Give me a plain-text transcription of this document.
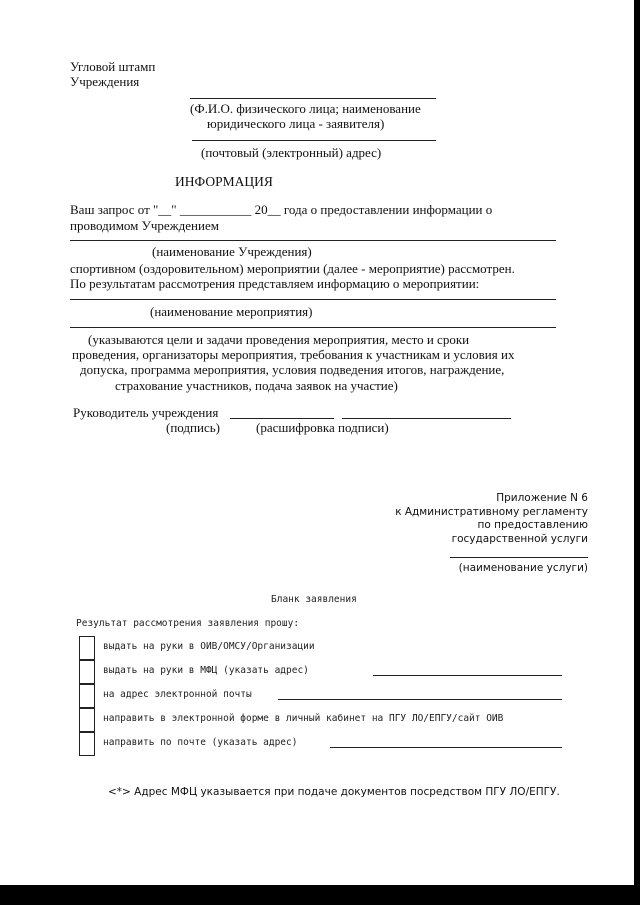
Угловой штамп
Учреждения
(Ф.И.О. физического лица; наименование
юридического лица - заявителя)
(почтовый (электронный) адрес)
ИНФОРМАЦИЯ
Ваш запрос от "__" ___________ 20__ года о предоставлении информации о
проводимом Учреждением
(наименование Учреждения)
спортивном (оздоровительном) мероприятии (далее - мероприятие) рассмотрен.
По результатам рассмотрения представляем информацию о мероприятии:
(наименование мероприятия)
(указываются цели и задачи проведения мероприятия, место и сроки
проведения, организаторы мероприятия, требования к участникам и условия их
допуска, программа мероприятия, условия подведения итогов, награждение,
страхование участников, подача заявок на участие)
Руководитель учреждения
(подпись)	(расшифровка подписи)
Приложение N 6
к Административному регламенту
по предоставлению
государственной услуги
(наименование услуги)
Бланк заявления
Результат рассмотрения заявления прошу:
выдать на руки в ОИВ/ОМСУ/Организации
выдать на руки в МФЦ (указать адрес)
на адрес электронной почты
направить в электронной форме в личный кабинет на ПГУ ЛО/ЕПГУ/сайт ОИВ
направить по почте (указать адрес)
<*> Адрес МФЦ указывается при подаче документов посредством ПГУ ЛО/ЕПГУ.
